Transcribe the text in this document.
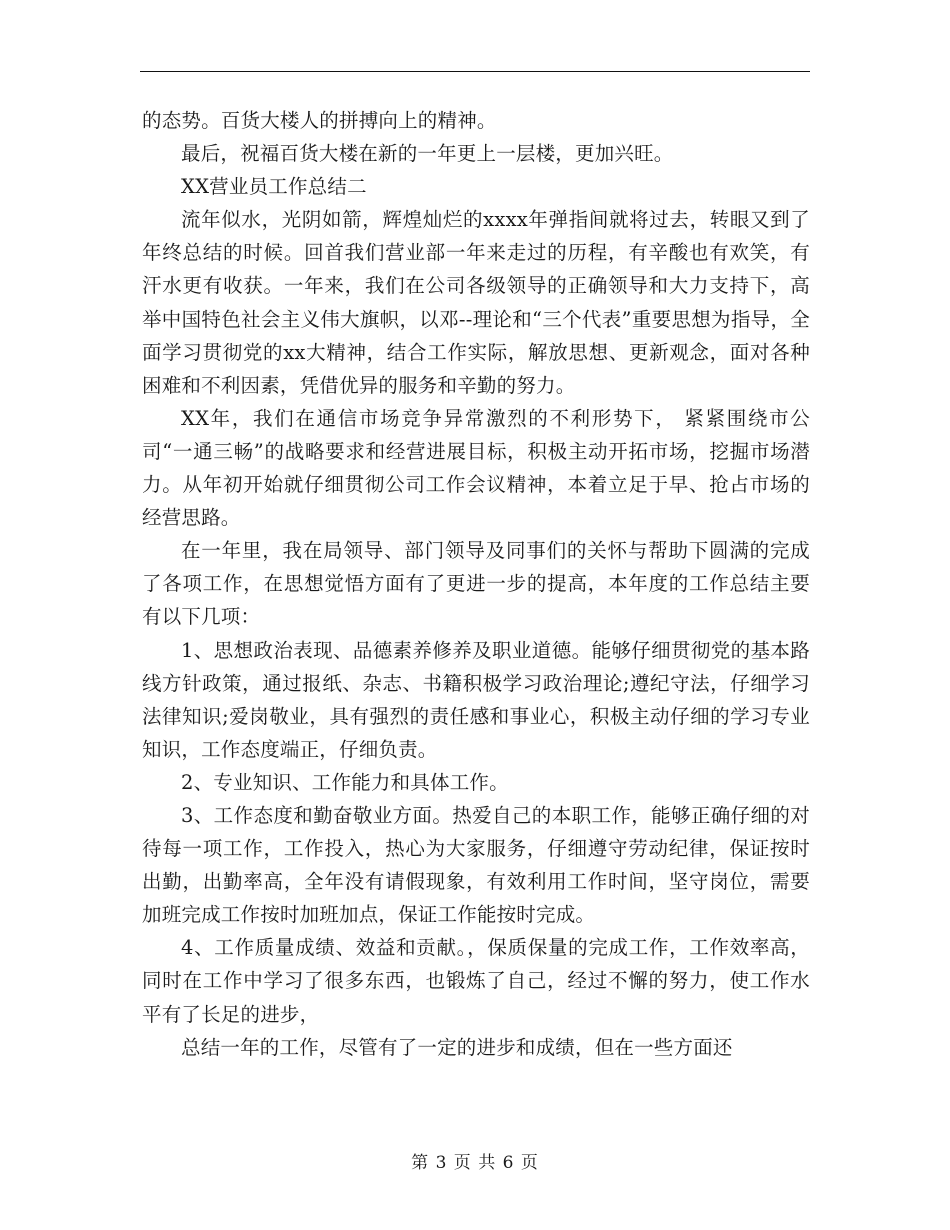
的态势。百货大楼人的拼搏向上的精神。

最后，祝福百货大楼在新的一年更上一层楼，更加兴旺。

XX营业员工作总结二

流年似水，光阴如箭，辉煌灿烂的xxxx年弹指间就将过去，转眼又到了年终总结的时候。回首我们营业部一年来走过的历程，有辛酸也有欢笑，有汗水更有收获。一年来，我们在公司各级领导的正确领导和大力支持下，高举中国特色社会主义伟大旗帜，以邓--理论和“三个代表”重要思想为指导，全面学习贯彻党的xx大精神，结合工作实际，解放思想、更新观念，面对各种困难和不利因素，凭借优异的服务和辛勤的努力。

XX年，我们在通信市场竞争异常激烈的不利形势下， 紧紧围绕市公司“一通三畅”的战略要求和经营进展目标，积极主动开拓市场，挖掘市场潜力。从年初开始就仔细贯彻公司工作会议精神，本着立足于早、抢占市场的经营思路。

在一年里，我在局领导、部门领导及同事们的关怀与帮助下圆满的完成了各项工作，在思想觉悟方面有了更进一步的提高，本年度的工作总结主要有以下几项：

1、思想政治表现、品德素养修养及职业道德。能够仔细贯彻党的基本路线方针政策，通过报纸、杂志、书籍积极学习政治理论;遵纪守法，仔细学习法律知识;爱岗敬业，具有强烈的责任感和事业心，积极主动仔细的学习专业知识，工作态度端正，仔细负责。

2、专业知识、工作能力和具体工作。

3、工作态度和勤奋敬业方面。热爱自己的本职工作，能够正确仔细的对待每一项工作，工作投入，热心为大家服务，仔细遵守劳动纪律，保证按时出勤，出勤率高，全年没有请假现象，有效利用工作时间，坚守岗位，需要加班完成工作按时加班加点，保证工作能按时完成。

4、工作质量成绩、效益和贡献。，保质保量的完成工作，工作效率高，同时在工作中学习了很多东西，也锻炼了自己，经过不懈的努力，使工作水平有了长足的进步，

总结一年的工作，尽管有了一定的进步和成绩，但在一些方面还

第 3 页 共 6 页
